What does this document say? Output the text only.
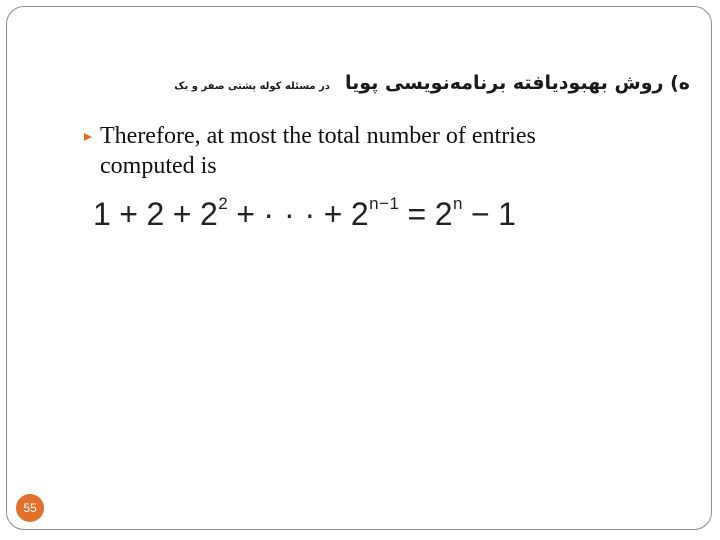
ه) روش بهبودیافته برنامه‌نویسی پویا در مسئله کوله پشتی صفر و یک
Therefore, at most the total number of entries
computed is
$1 + 2 + 2^2$ + · · · + $2^{n-1} = 2^n - 1$
55
